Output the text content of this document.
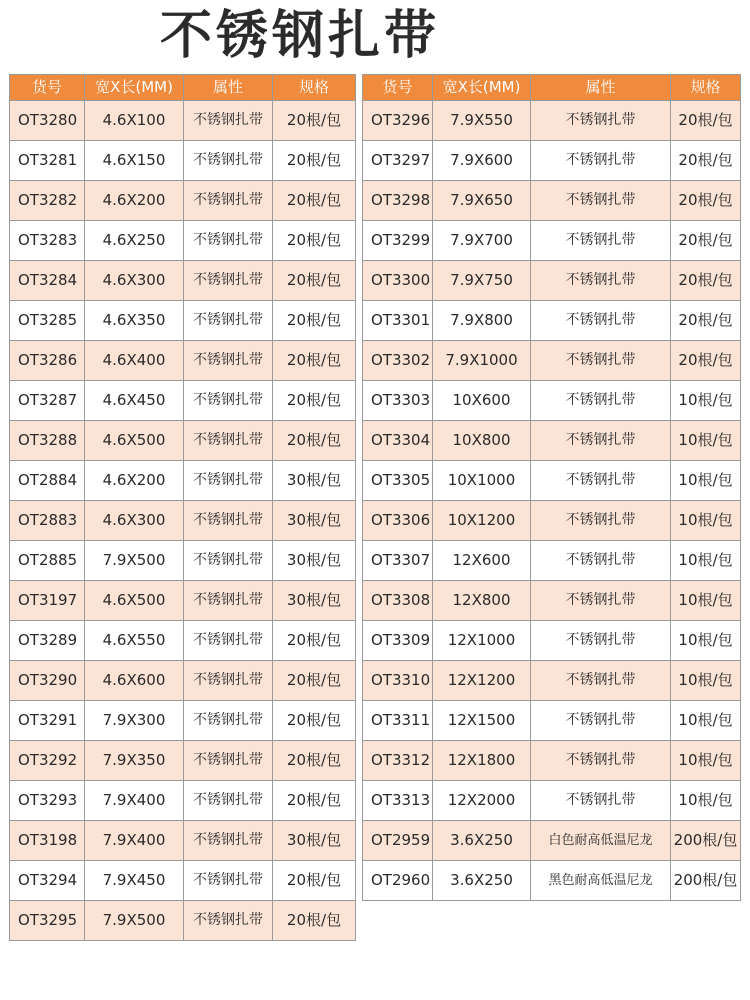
不锈钢扎带
货号	宽X长(MM)	属性	规格
OT3280	4.6X100	不锈钢扎带	20根/包
OT3281	4.6X150	不锈钢扎带	20根/包
OT3282	4.6X200	不锈钢扎带	20根/包
OT3283	4.6X250	不锈钢扎带	20根/包
OT3284	4.6X300	不锈钢扎带	20根/包
OT3285	4.6X350	不锈钢扎带	20根/包
OT3286	4.6X400	不锈钢扎带	20根/包
OT3287	4.6X450	不锈钢扎带	20根/包
OT3288	4.6X500	不锈钢扎带	20根/包
OT2884	4.6X200	不锈钢扎带	30根/包
OT2883	4.6X300	不锈钢扎带	30根/包
OT2885	7.9X500	不锈钢扎带	30根/包
OT3197	4.6X500	不锈钢扎带	30根/包
OT3289	4.6X550	不锈钢扎带	20根/包
OT3290	4.6X600	不锈钢扎带	20根/包
OT3291	7.9X300	不锈钢扎带	20根/包
OT3292	7.9X350	不锈钢扎带	20根/包
OT3293	7.9X400	不锈钢扎带	20根/包
OT3198	7.9X400	不锈钢扎带	30根/包
OT3294	7.9X450	不锈钢扎带	20根/包
OT3295	7.9X500	不锈钢扎带	20根/包
货号	宽X长(MM)	属性	规格
OT3296	7.9X550	不锈钢扎带	20根/包
OT3297	7.9X600	不锈钢扎带	20根/包
OT3298	7.9X650	不锈钢扎带	20根/包
OT3299	7.9X700	不锈钢扎带	20根/包
OT3300	7.9X750	不锈钢扎带	20根/包
OT3301	7.9X800	不锈钢扎带	20根/包
OT3302	7.9X1000	不锈钢扎带	20根/包
OT3303	10X600	不锈钢扎带	10根/包
OT3304	10X800	不锈钢扎带	10根/包
OT3305	10X1000	不锈钢扎带	10根/包
OT3306	10X1200	不锈钢扎带	10根/包
OT3307	12X600	不锈钢扎带	10根/包
OT3308	12X800	不锈钢扎带	10根/包
OT3309	12X1000	不锈钢扎带	10根/包
OT3310	12X1200	不锈钢扎带	10根/包
OT3311	12X1500	不锈钢扎带	10根/包
OT3312	12X1800	不锈钢扎带	10根/包
OT3313	12X2000	不锈钢扎带	10根/包
OT2959	3.6X250	白色耐高低温尼龙	200根/包
OT2960	3.6X250	黑色耐高低温尼龙	200根/包
